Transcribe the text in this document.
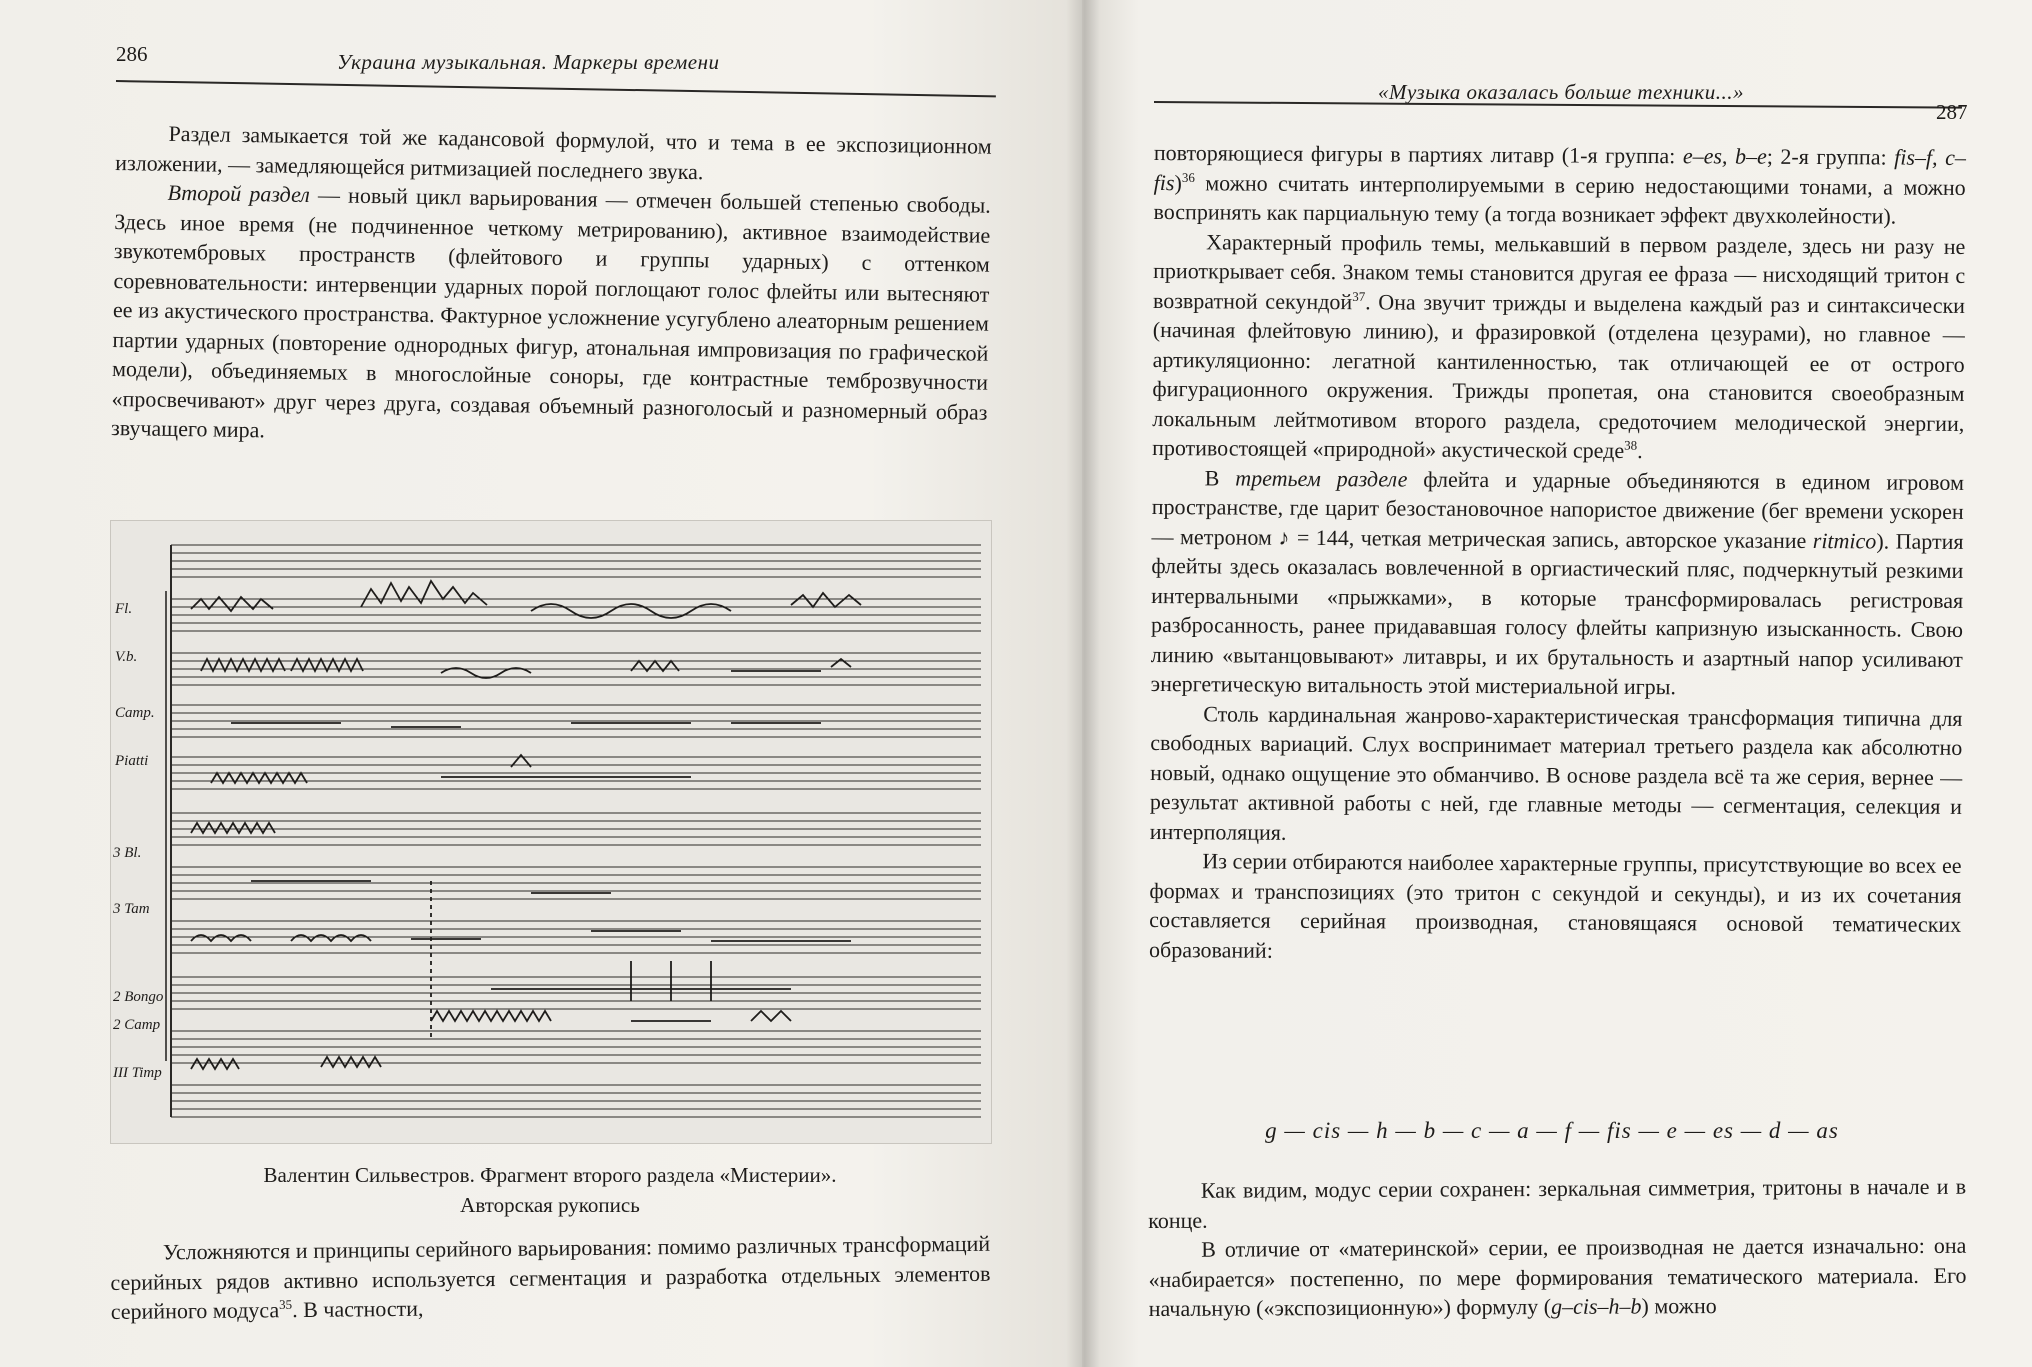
286	Украина музыкальная. Маркеры времени

Раздел замыкается той же кадансовой формулой, что и тема в ее экспозиционном изложении, — замедляющейся ритмизацией последнего звука.

Второй раздел — новый цикл варьирования — отмечен большей степенью свободы. Здесь иное время (не подчиненное четкому метрированию), активное взаимодействие звукотембровых пространств (флейтового и группы ударных) с оттенком соревновательности: интервенции ударных порой поглощают голос флейты или вытесняют ее из акустического пространства. Фактурное усложнение усугублено алеаторным решением партии ударных (повторение однородных фигур, атональная импровизация по графической модели), объединяемых в многослойные соноры, где контрастные темброзвучности «просвечивают» друг через друга, создавая объемный разноголосый и разномерный образ звучащего мира.

Fl.
V.b.
Camp.
Piatti
3 Bl.
3 Tam
2 Bongo
2 Camp
III Timp
Валентин Сильвестров. Фрагмент второго раздела «Мистерии».
Авторская рукопись

Усложняются и принципы серийного варьирования: помимо различных трансформаций серийных рядов активно используется сегментация и разработка отдельных элементов серийного модуса$^{35}$. В частности,

«Музыка оказалась больше техники...»
287

повторяющиеся фигуры в партиях литавр (1-я группа: e–es, b–e; 2-я группа: fis–f, c–fis)$^{36}$ можно считать интерполируемыми в серию недостающими тонами, а можно воспринять как парциальную тему (а тогда возникает эффект двухколейности).

Характерный профиль темы, мелькавший в первом разделе, здесь ни разу не приоткрывает себя. Знаком темы становится другая ее фраза — нисходящий тритон с возвратной секундой$^{37}$. Она звучит трижды и выделена каждый раз и синтаксически (начиная флейтовую линию), и фразировкой (отделена цезурами), но главное — артикуляционно: легатной кантиленностью, так отличающей ее от острого фигурационного окружения. Трижды пропетая, она становится своеобразным локальным лейтмотивом второго раздела, средоточием мелодической энергии, противостоящей «природной» акустической среде$^{38}$.

В третьем разделе флейта и ударные объединяются в едином игровом пространстве, где царит безостановочное напористое движение (бег времени ускорен — метроном ♪ = 144, четкая метрическая запись, авторское указание ritmico). Партия флейты здесь оказалась вовлеченной в оргиастический пляс, подчеркнутый резкими интервальными «прыжками», в которые трансформировалась регистровая разбросанность, ранее придававшая голосу флейты капризную изысканность. Свою линию «вытанцовывают» литавры, и их брутальность и азартный напор усиливают энергетическую витальность этой мистериальной игры.

Столь кардинальная жанрово-характеристическая трансформация типична для свободных вариаций. Слух воспринимает материал третьего раздела как абсолютно новый, однако ощущение это обманчиво. В основе раздела всё та же серия, вернее — результат активной работы с ней, где главные методы — сегментация, селекция и интерполяция.

Из серии отбираются наиболее характерные группы, присутствующие во всех ее формах и транспозициях (это тритон с секундой и секунды), и из их сочетания составляется серийная производная, становящаяся основой тематических образований:

g — cis — h — b — c — a — f — fis — e — es — d — as

Как видим, модус серии сохранен: зеркальная симметрия, тритоны в начале и в конце.

В отличие от «материнской» серии, ее производная не дается изначально: она «набирается» постепенно, по мере формирования тематического материала. Его начальную («экспозиционную») формулу (g–cis–h–b) можно
